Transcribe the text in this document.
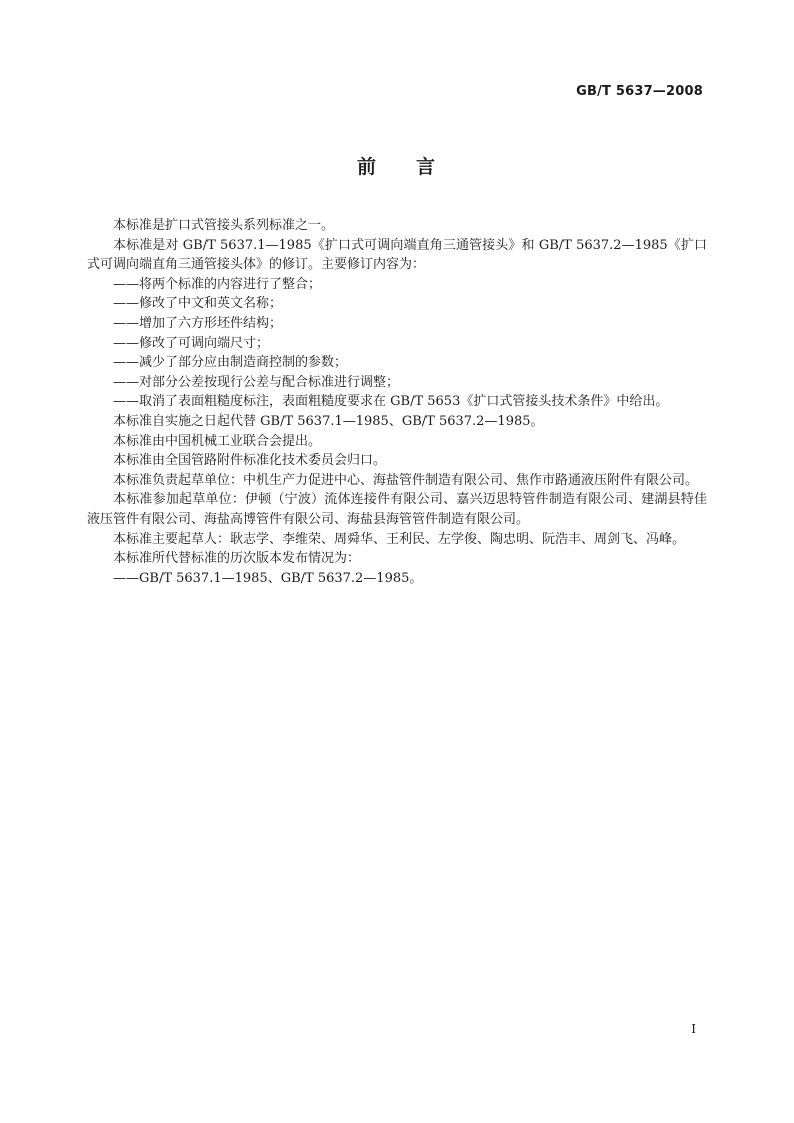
GB/T 5637—2008
前 言

本标准是扩口式管接头系列标准之一。

本标准是对 GB/T 5637.1—1985《扩口式可调向端直角三通管接头》和 GB/T 5637.2—1985《扩口式可调向端直角三通管接头体》的修订。主要修订内容为：

——将两个标准的内容进行了整合；

——修改了中文和英文名称；

——增加了六方形坯件结构；

——修改了可调向端尺寸；

——减少了部分应由制造商控制的参数；

——对部分公差按现行公差与配合标准进行调整；

——取消了表面粗糙度标注，表面粗糙度要求在 GB/T 5653《扩口式管接头技术条件》中给出。

本标准自实施之日起代替 GB/T 5637.1—1985、GB/T 5637.2—1985。

本标准由中国机械工业联合会提出。

本标准由全国管路附件标准化技术委员会归口。

本标准负责起草单位：中机生产力促进中心、海盐管件制造有限公司、焦作市路通液压附件有限公司。

本标准参加起草单位：伊顿（宁波）流体连接件有限公司、嘉兴迈思特管件制造有限公司、建湖县特佳液压管件有限公司、海盐高博管件有限公司、海盐县海管管件制造有限公司。

本标准主要起草人：耿志学、李维荣、周舜华、王利民、左学俊、陶忠明、阮浩丰、周剑飞、冯峰。

本标准所代替标准的历次版本发布情况为：

——GB/T 5637.1—1985、GB/T 5637.2—1985。

I
